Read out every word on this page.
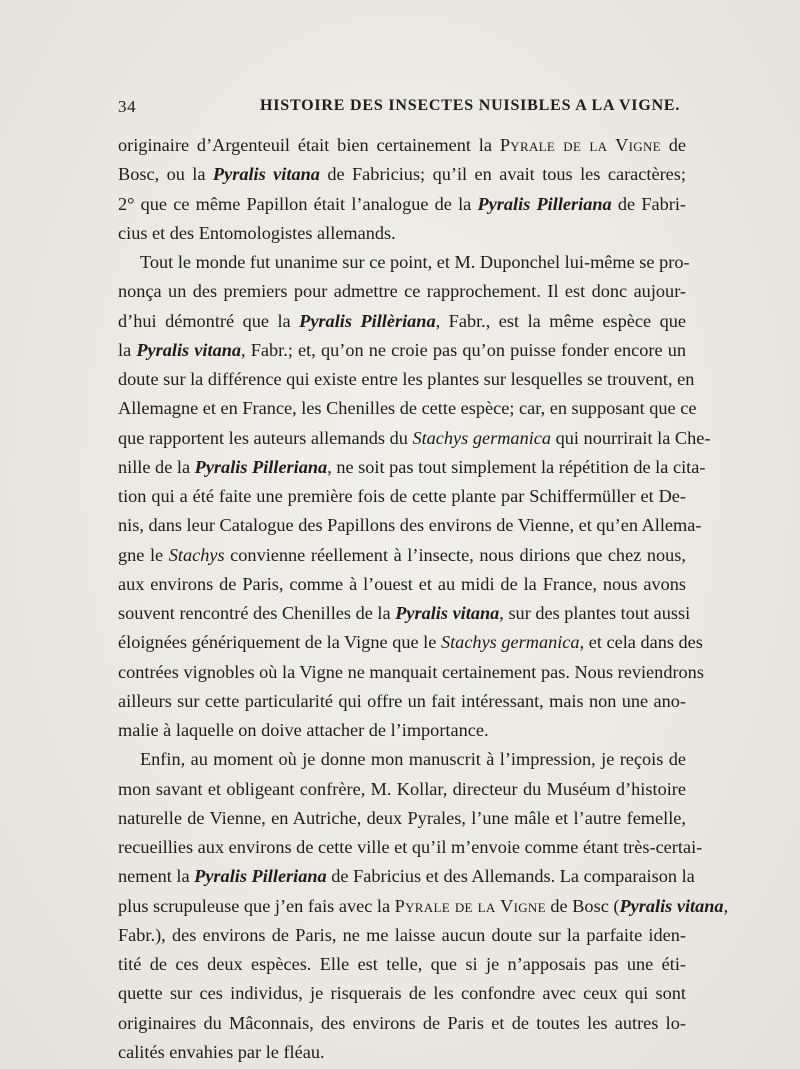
34	HISTOIRE DES INSECTES NUISIBLES A LA VIGNE.

originaire d’Argenteuil était bien certainement la Pyrale de la Vigne de
Bosc, ou la Pyralis vitana de Fabricius; qu’il en avait tous les caractères;
2° que ce même Papillon était l’analogue de la Pyralis Pilleriana de Fabri-
cius et des Entomologistes allemands.

Tout le monde fut unanime sur ce point, et M. Duponchel lui-même se pro-
nonça un des premiers pour admettre ce rapprochement. Il est donc aujour-
d’hui démontré que la Pyralis Pillèriana, Fabr., est la même espèce que
la Pyralis vitana, Fabr.; et, qu’on ne croie pas qu’on puisse fonder encore un
doute sur la différence qui existe entre les plantes sur lesquelles se trouvent, en
Allemagne et en France, les Chenilles de cette espèce; car, en supposant que ce
que rapportent les auteurs allemands du Stachys germanica qui nourrirait la Che-
nille de la Pyralis Pilleriana, ne soit pas tout simplement la répétition de la cita-
tion qui a été faite une première fois de cette plante par Schiffermüller et De-
nis, dans leur Catalogue des Papillons des environs de Vienne, et qu’en Allema-
gne le Stachys convienne réellement à l’insecte, nous dirions que chez nous,
aux environs de Paris, comme à l’ouest et au midi de la France, nous avons
souvent rencontré des Chenilles de la Pyralis vitana, sur des plantes tout aussi
éloignées génériquement de la Vigne que le Stachys germanica, et cela dans des
contrées vignobles où la Vigne ne manquait certainement pas. Nous reviendrons
ailleurs sur cette particularité qui offre un fait intéressant, mais non une ano-
malie à laquelle on doive attacher de l’importance.

Enfin, au moment où je donne mon manuscrit à l’impression, je reçois de
mon savant et obligeant confrère, M. Kollar, directeur du Muséum d’histoire
naturelle de Vienne, en Autriche, deux Pyrales, l’une mâle et l’autre femelle,
recueillies aux environs de cette ville et qu’il m’envoie comme étant très-certai-
nement la Pyralis Pilleriana de Fabricius et des Allemands. La comparaison la
plus scrupuleuse que j’en fais avec la Pyrale de la Vigne de Bosc (Pyralis vitana,
Fabr.), des environs de Paris, ne me laisse aucun doute sur la parfaite iden-
tité de ces deux espèces. Elle est telle, que si je n’apposais pas une éti-
quette sur ces individus, je risquerais de les confondre avec ceux qui sont
originaires du Mâconnais, des environs de Paris et de toutes les autres lo-
calités envahies par le fléau.
